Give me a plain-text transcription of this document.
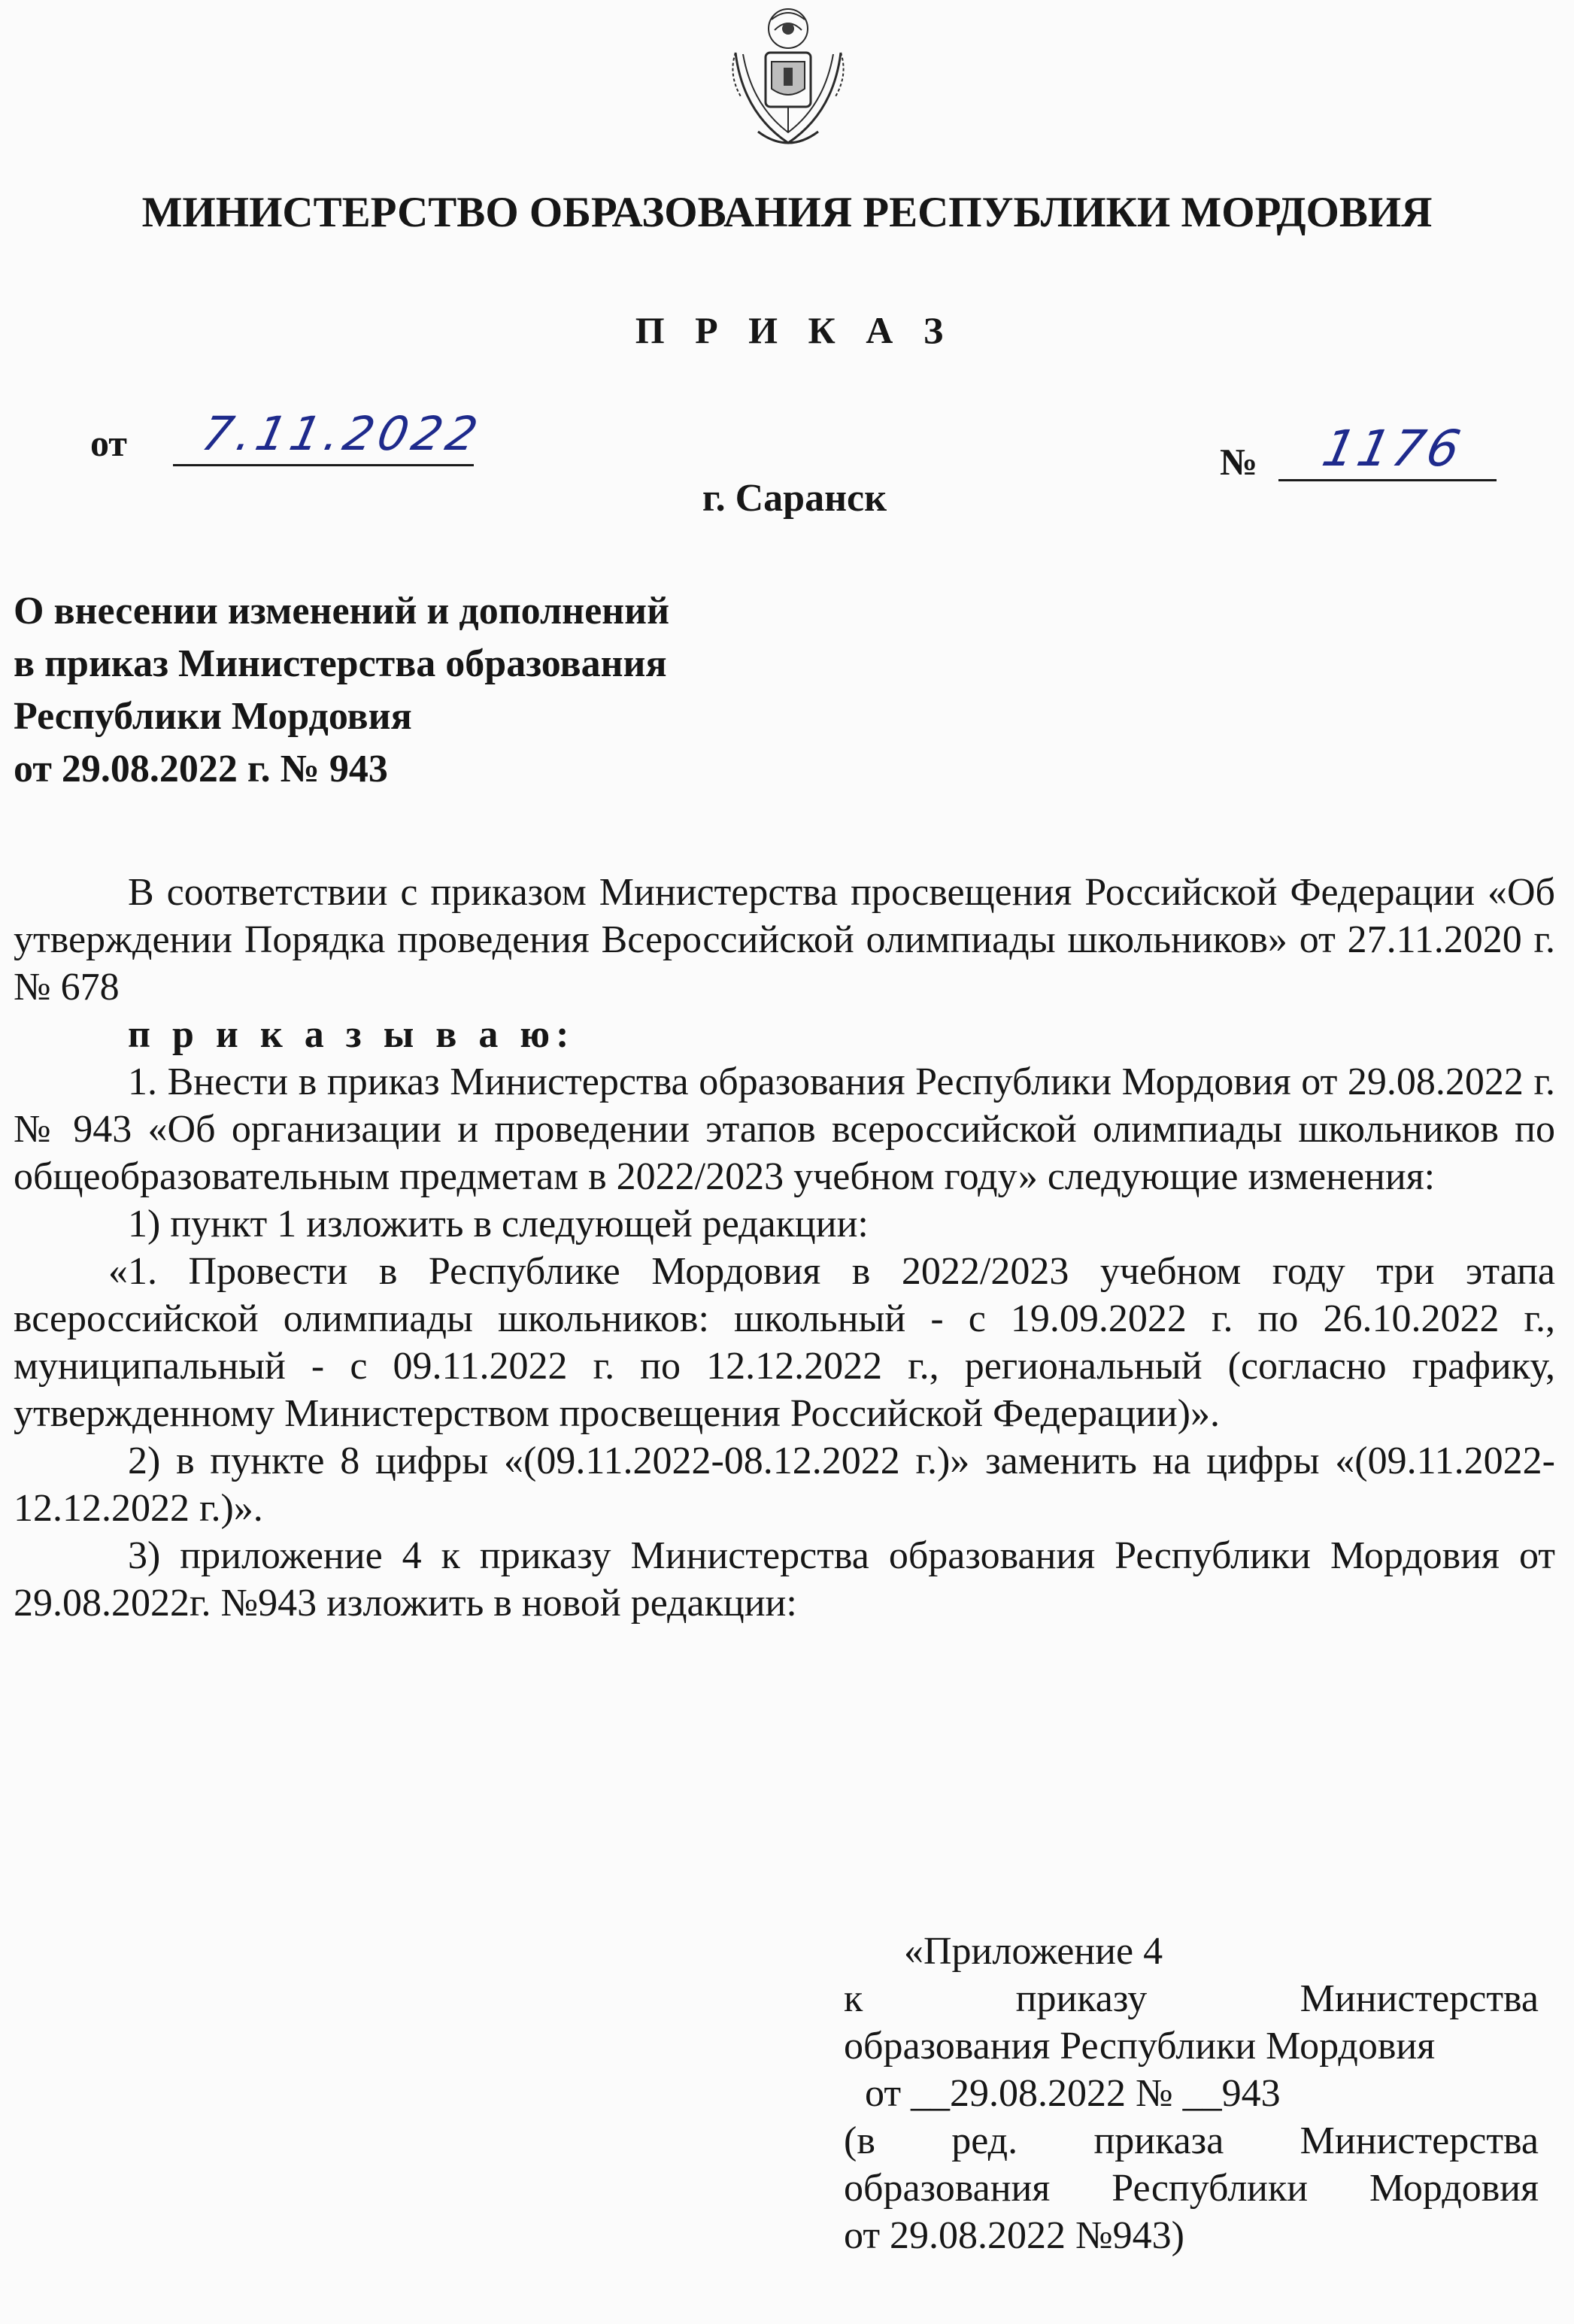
МИНИСТЕРСТВО ОБРАЗОВАНИЯ РЕСПУБЛИКИ МОРДОВИЯ
П Р И К А З
от 7.11.2022
№ 1176
г. Саранск
О внесении изменений и дополнений
в приказ Министерства образования
Республики Мордовия
от 29.08.2022 г. № 943

В соответствии с приказом Министерства просвещения Российской Федерации «Об утверждении Порядка проведения Всероссийской олимпиады школьников» от 27.11.2020 г. № 678

п р и к а з ы в а ю:

1. Внести в приказ Министерства образования Республики Мордовия от 29.08.2022 г. № 943 «Об организации и проведении этапов всероссийской олимпиады школьников по общеобразовательным предметам в 2022/2023 учебном году» следующие изменения:

1) пункт 1 изложить в следующей редакции:

«1. Провести в Республике Мордовия в 2022/2023 учебном году три этапа всероссийской олимпиады школьников: школьный - с 19.09.2022 г. по 26.10.2022 г., муниципальный - с 09.11.2022 г. по 12.12.2022 г., региональный (согласно графику, утвержденному Министерством просвещения Российской Федерации)».

2) в пункте 8 цифры «(09.11.2022-08.12.2022 г.)» заменить на цифры «(09.11.2022-12.12.2022 г.)».

3) приложение 4 к приказу Министерства образования Республики Мордовия от 29.08.2022г. №943 изложить в новой редакции:

«Приложение 4

к приказу Министерства

образования Республики Мордовия

от __29.08.2022 № __943

(в ред. приказа Министерства

образования Республики Мордовия

от 29.08.2022 №943)
